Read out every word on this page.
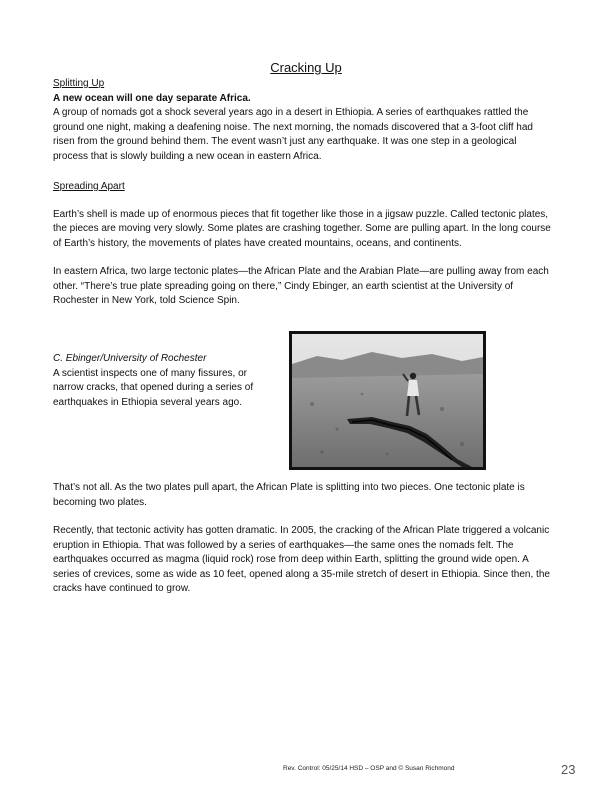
Cracking Up

Splitting Up

A new ocean will one day separate Africa.

A group of nomads got a shock several years ago in a desert in Ethiopia. A series of earthquakes rattled the ground one night, making a deafening noise. The next morning, the nomads discovered that a 3-foot cliff had risen from the ground behind them. The event wasn’t just any earthquake. It was one step in a geological process that is slowly building a new ocean in eastern Africa.

Spreading Apart

Earth’s shell is made up of enormous pieces that fit together like those in a jigsaw puzzle. Called tectonic plates, the pieces are moving very slowly. Some plates are crashing together. Some are pulling apart. In the long course of Earth’s history, the movements of plates have created mountains, oceans, and continents.

In eastern Africa, two large tectonic plates—the African Plate and the Arabian Plate—are pulling away from each other. “There’s true plate spreading going on there,” Cindy Ebinger, an earth scientist at the University of Rochester in New York, told Science Spin.

C. Ebinger/University of Rochester

A scientist inspects one of many fissures, or narrow cracks, that opened during a series of earthquakes in Ethiopia several years ago.

That’s not all. As the two plates pull apart, the African Plate is splitting into two pieces. One tectonic plate is becoming two plates.

Recently, that tectonic activity has gotten dramatic. In 2005, the cracking of the African Plate triggered a volcanic eruption in Ethiopia. That was followed by a series of earthquakes—the same ones the nomads felt. The earthquakes occurred as magma (liquid rock) rose from deep within Earth, splitting the ground wide open. A series of crevices, some as wide as 10 feet, opened along a 35-mile stretch of desert in Ethiopia. Since then, the cracks have continued to grow.

Rev. Control: 05/25/14 HSD – OSP and © Susan Richmond	23
